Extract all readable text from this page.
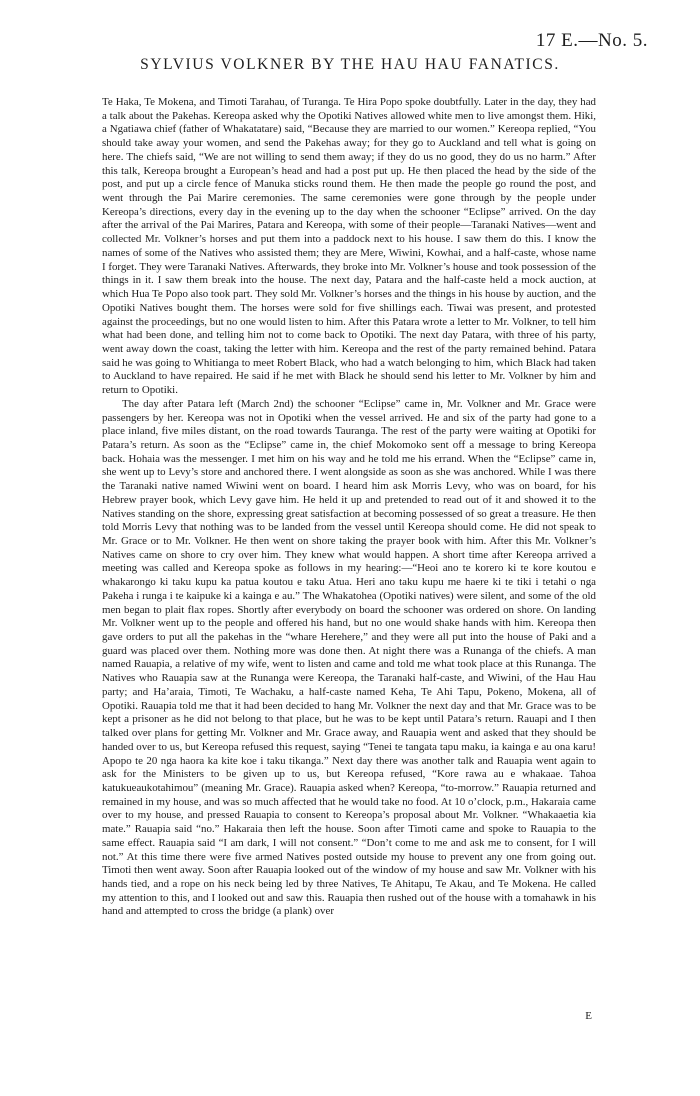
17 E.—No. 5.
SYLVIUS VOLKNER BY THE HAU HAU FANATICS.

Te Haka, Te Mokena, and Timoti Tarahau, of Turanga. Te Hira Popo spoke doubtfully. Later in the day, they had a talk about the Pakehas. Kereopa asked why the Opotiki Natives allowed white men to live amongst them. Hiki, a Ngatiawa chief (father of Whakatatare) said, “Because they are married to our women.” Kereopa replied, “You should take away your women, and send the Pakehas away; for they go to Auckland and tell what is going on here. The chiefs said, “We are not willing to send them away; if they do us no good, they do us no harm.” After this talk, Kereopa brought a European’s head and had a post put up. He then placed the head by the side of the post, and put up a circle fence of Manuka sticks round them. He then made the people go round the post, and went through the Pai Marire ceremonies. The same ceremonies were gone through by the people under Kereopa’s directions, every day in the evening up to the day when the schooner “Eclipse” arrived. On the day after the arrival of the Pai Marires, Patara and Kereopa, with some of their people—Taranaki Natives—went and collected Mr. Volkner’s horses and put them into a paddock next to his house. I saw them do this. I know the names of some of the Natives who assisted them; they are Mere, Wiwini, Kowhai, and a half-caste, whose name I forget. They were Taranaki Natives. Afterwards, they broke into Mr. Volkner’s house and took possession of the things in it. I saw them break into the house. The next day, Patara and the half-caste held a mock auction, at which Hua Te Popo also took part. They sold Mr. Volkner’s horses and the things in his house by auction, and the Opotiki Natives bought them. The horses were sold for five shillings each. Tiwai was present, and protested against the proceedings, but no one would listen to him. After this Patara wrote a letter to Mr. Volkner, to tell him what had been done, and telling him not to come back to Opotiki. The next day Patara, with three of his party, went away down the coast, taking the letter with him. Kereopa and the rest of the party remained behind. Patara said he was going to Whitianga to meet Robert Black, who had a watch belonging to him, which Black had taken to Auckland to have repaired. He said if he met with Black he should send his letter to Mr. Volkner by him and return to Opotiki.

The day after Patara left (March 2nd) the schooner “Eclipse” came in, Mr. Volkner and Mr. Grace were passengers by her. Kereopa was not in Opotiki when the vessel arrived. He and six of the party had gone to a place inland, five miles distant, on the road towards Tauranga. The rest of the party were waiting at Opotiki for Patara’s return. As soon as the “Eclipse” came in, the chief Mokomoko sent off a message to bring Kereopa back. Hohaia was the messenger. I met him on his way and he told me his errand. When the “Eclipse” came in, she went up to Levy’s store and anchored there. I went alongside as soon as she was anchored. While I was there the Taranaki native named Wiwini went on board. I heard him ask Morris Levy, who was on board, for his Hebrew prayer book, which Levy gave him. He held it up and pretended to read out of it and showed it to the Natives standing on the shore, expressing great satisfaction at becoming possessed of so great a treasure. He then told Morris Levy that nothing was to be landed from the vessel until Kereopa should come. He did not speak to Mr. Grace or to Mr. Volkner. He then went on shore taking the prayer book with him. After this Mr. Volkner’s Natives came on shore to cry over him. They knew what would happen. A short time after Kereopa arrived a meeting was called and Kereopa spoke as follows in my hearing:—“Heoi ano te korero ki te kore koutou e whakarongo ki taku kupu ka patua koutou e taku Atua. Heri ano taku kupu me haere ki te tiki i tetahi o nga Pakeha i runga i te kaipuke ki a kainga e au.” The Whakatohea (Opotiki natives) were silent, and some of the old men began to plait flax ropes. Shortly after everybody on board the schooner was ordered on shore. On landing Mr. Volkner went up to the people and offered his hand, but no one would shake hands with him. Kereopa then gave orders to put all the pakehas in the “whare Herehere,” and they were all put into the house of Paki and a guard was placed over them. Nothing more was done then. At night there was a Runanga of the chiefs. A man named Rauapia, a relative of my wife, went to listen and came and told me what took place at this Runanga. The Natives who Rauapia saw at the Runanga were Kereopa, the Taranaki half-caste, and Wiwini, of the Hau Hau party; and Ha’araia, Timoti, Te Wachaku, a half-caste named Keha, Te Ahi Tapu, Pokeno, Mokena, all of Opotiki. Rauapia told me that it had been decided to hang Mr. Volkner the next day and that Mr. Grace was to be kept a prisoner as he did not belong to that place, but he was to be kept until Patara’s return. Rauapi and I then talked over plans for getting Mr. Volkner and Mr. Grace away, and Rauapia went and asked that they should be handed over to us, but Kereopa refused this request, saying “Tenei te tangata tapu maku, ia kainga e au ona karu! Apopo te 20 nga haora ka kite koe i taku tikanga.” Next day there was another talk and Rauapia went again to ask for the Ministers to be given up to us, but Kereopa refused, “Kore rawa au e whakaae. Tahoa katukueaukotahimou” (meaning Mr. Grace). Rauapia asked when? Kereopa, “to-morrow.” Rauapia returned and remained in my house, and was so much affected that he would take no food. At 10 o’clock, p.m., Hakaraia came over to my house, and pressed Rauapia to consent to Kereopa’s proposal about Mr. Volkner. “Whakaaetia kia mate.” Rauapia said “no.” Hakaraia then left the house. Soon after Timoti came and spoke to Rauapia to the same effect. Rauapia said “I am dark, I will not consent.” “Don’t come to me and ask me to consent, for I will not.” At this time there were five armed Natives posted outside my house to prevent any one from going out. Timoti then went away. Soon after Rauapia looked out of the window of my house and saw Mr. Volkner with his hands tied, and a rope on his neck being led by three Natives, Te Ahitapu, Te Akau, and Te Mokena. He called my attention to this, and I looked out and saw this. Rauapia then rushed out of the house with a tomahawk in his hand and attempted to cross the bridge (a plank) over

E
